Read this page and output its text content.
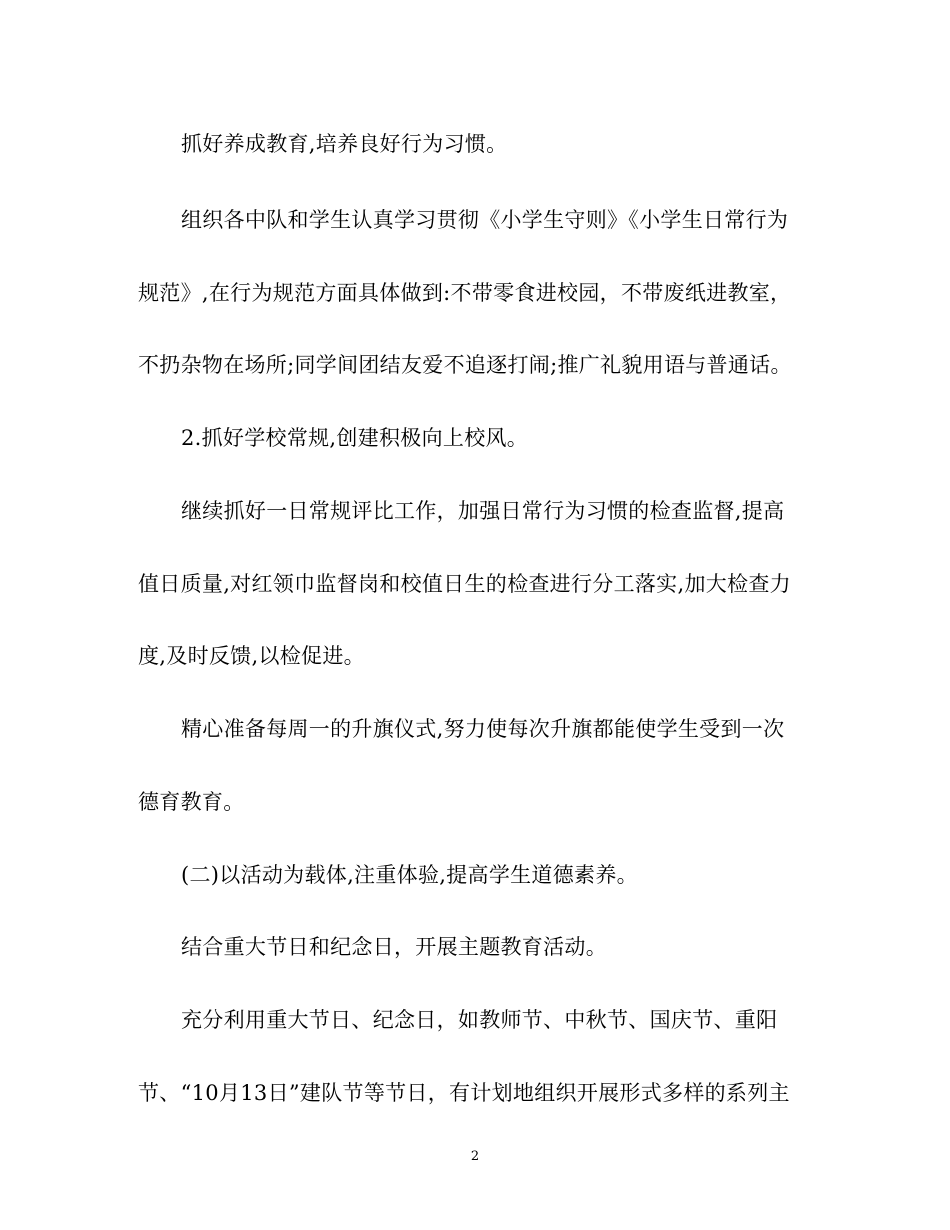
抓好养成教育,培养良好行为习惯。
组织各中队和学生认真学习贯彻《小学生守则》《小学生日常行为
规范》,在行为规范方面具体做到:不带零食进校园，不带废纸进教室，
不扔杂物在场所;同学间团结友爱不追逐打闹;推广礼貌用语与普通话。
2.抓好学校常规,创建积极向上校风。
继续抓好一日常规评比工作，加强日常行为习惯的检查监督,提高
值日质量,对红领巾监督岗和校值日生的检查进行分工落实,加大检查力
度,及时反馈,以检促进。
精心准备每周一的升旗仪式,努力使每次升旗都能使学生受到一次
德育教育。
(二)以活动为载体,注重体验,提高学生道德素养。
结合重大节日和纪念日，开展主题教育活动。
充分利用重大节日、纪念日，如教师节、中秋节、国庆节、重阳
节、“10月13日”建队节等节日，有计划地组织开展形式多样的系列主
2
